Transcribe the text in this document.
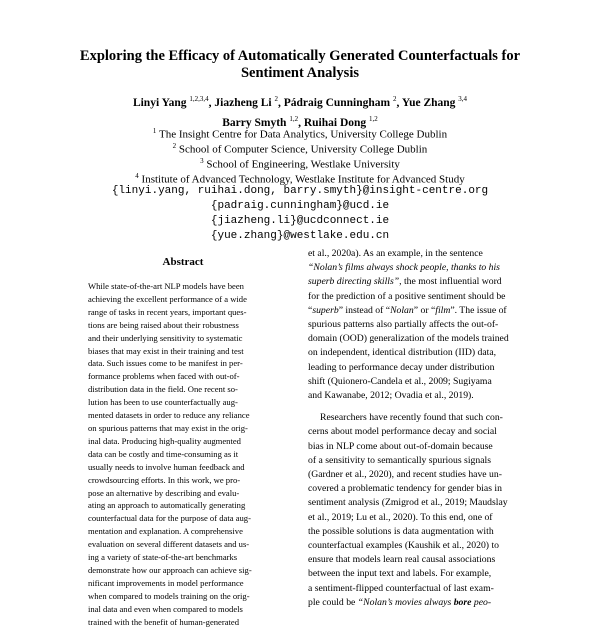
Exploring the Efficacy of Automatically Generated Counterfactuals for
Sentiment Analysis
Linyi Yang $^{1,2,3,4}$, Jiazheng Li $^2$, Pádraig Cunningham $^2$, Yue Zhang $^{3,4}$
Barry Smyth $^{1,2}$, Ruihai Dong $^{1,2}$
$^1$ The Insight Centre for Data Analytics, University College Dublin
$^2$ School of Computer Science, University College Dublin
$^3$ School of Engineering, Westlake University
$^4$ Institute of Advanced Technology, Westlake Institute for Advanced Study
{linyi.yang, ruihai.dong, barry.smyth}@insight-centre.org
{padraig.cunningham}@ucd.ie
{jiazheng.li}@ucdconnect.ie
{yue.zhang}@westlake.edu.cn
Abstract
While state-of-the-art NLP models have been
achieving the excellent performance of a wide
range of tasks in recent years, important ques-
tions are being raised about their robustness
and their underlying sensitivity to systematic
biases that may exist in their training and test
data. Such issues come to be manifest in per-
formance problems when faced with out-of-
distribution data in the field. One recent so-
lution has been to use counterfactually aug-
mented datasets in order to reduce any reliance
on spurious patterns that may exist in the orig-
inal data. Producing high-quality augmented
data can be costly and time-consuming as it
usually needs to involve human feedback and
crowdsourcing efforts. In this work, we pro-
pose an alternative by describing and evalu-
ating an approach to automatically generating
counterfactual data for the purpose of data aug-
mentation and explanation. A comprehensive
evaluation on several different datasets and us-
ing a variety of state-of-the-art benchmarks
demonstrate how our approach can achieve sig-
nificant improvements in model performance
when compared to models training on the orig-
inal data and even when compared to models
trained with the benefit of human-generated
et al., 2020a). As an example, in the sentence
“Nolan’s films always shock people, thanks to his
superb directing skills”, the most influential word
for the prediction of a positive sentiment should be
“superb” instead of “Nolan” or “film”. The issue of
spurious patterns also partially affects the out-of-
domain (OOD) generalization of the models trained
on independent, identical distribution (IID) data,
leading to performance decay under distribution
shift (Quionero-Candela et al., 2009; Sugiyama
and Kawanabe, 2012; Ovadia et al., 2019).
Researchers have recently found that such con-
cerns about model performance decay and social
bias in NLP come about out-of-domain because
of a sensitivity to semantically spurious signals
(Gardner et al., 2020), and recent studies have un-
covered a problematic tendency for gender bias in
sentiment analysis (Zmigrod et al., 2019; Maudslay
et al., 2019; Lu et al., 2020). To this end, one of
the possible solutions is data augmentation with
counterfactual examples (Kaushik et al., 2020) to
ensure that models learn real causal associations
between the input text and labels. For example,
a sentiment-flipped counterfactual of last exam-
ple could be “Nolan’s movies always bore peo-
